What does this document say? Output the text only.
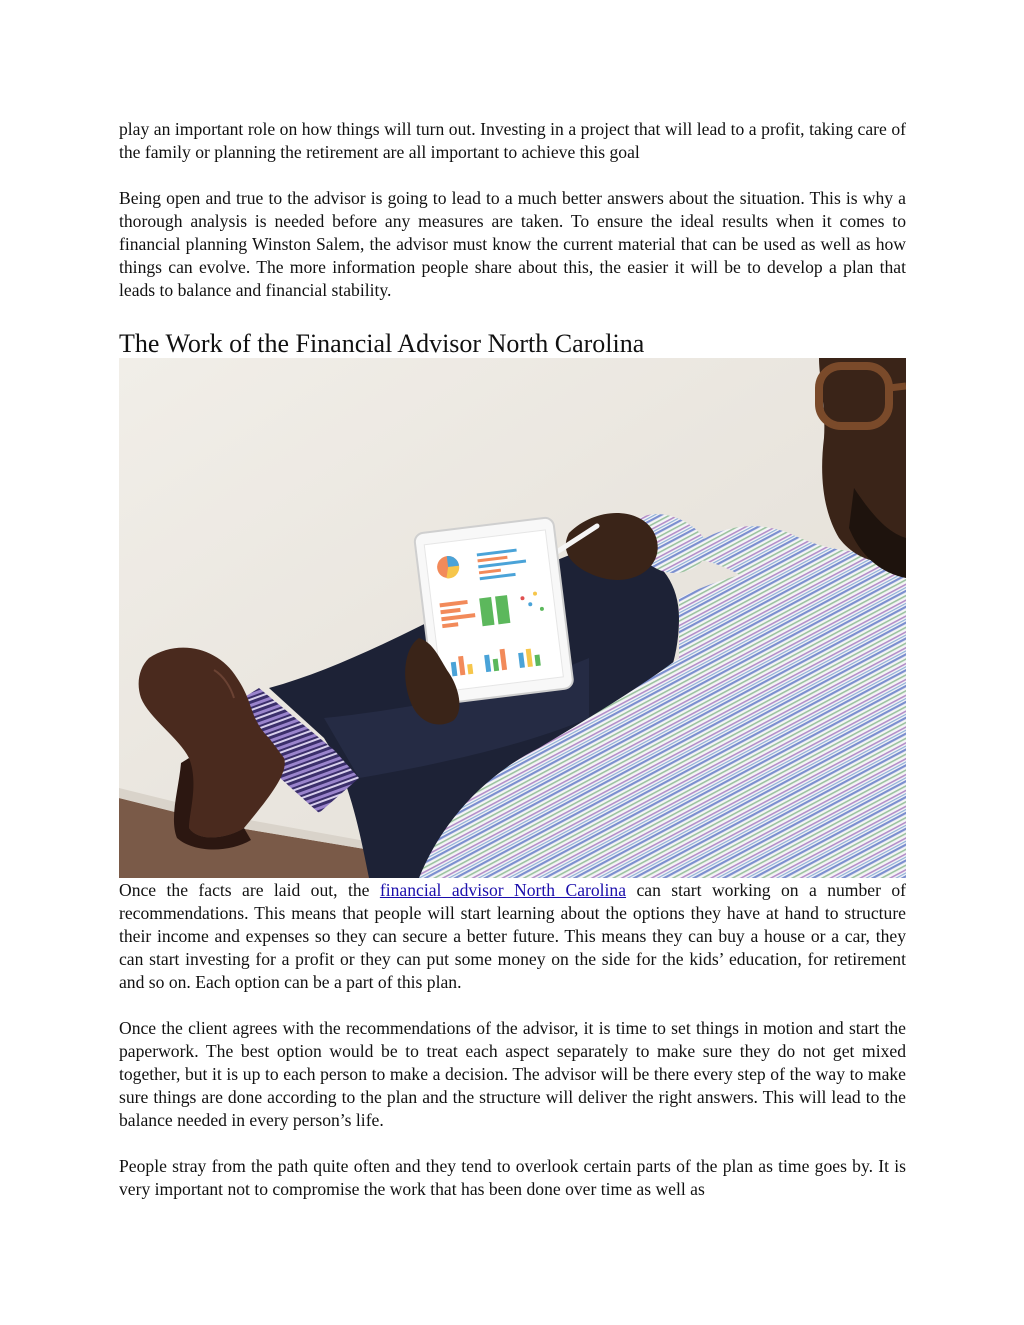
play an important role on how things will turn out. Investing in a project that will lead to a profit, taking care of the family or planning the retirement are all important to achieve this goal

Being open and true to the advisor is going to lead to a much better answers about the situation. This is why a thorough analysis is needed before any measures are taken. To ensure the ideal results when it comes to financial planning Winston Salem, the advisor must know the current material that can be used as well as how things can evolve. The more information people share about this, the easier it will be to develop a plan that leads to balance and financial stability.

The Work of the Financial Advisor North Carolina

Once the facts are laid out, the financial advisor North Carolina can start working on a number of recommendations. This means that people will start learning about the options they have at hand to structure their income and expenses so they can secure a better future. This means they can buy a house or a car, they can start investing for a profit or they can put some money on the side for the kids’ education, for retirement and so on. Each option can be a part of this plan.

Once the client agrees with the recommendations of the advisor, it is time to set things in motion and start the paperwork. The best option would be to treat each aspect separately to make sure they do not get mixed together, but it is up to each person to make a decision. The advisor will be there every step of the way to make sure things are done according to the plan and the structure will deliver the right answers. This will lead to the balance needed in every person’s life.

People stray from the path quite often and they tend to overlook certain parts of the plan as time goes by. It is very important not to compromise the work that has been done over time as well as
